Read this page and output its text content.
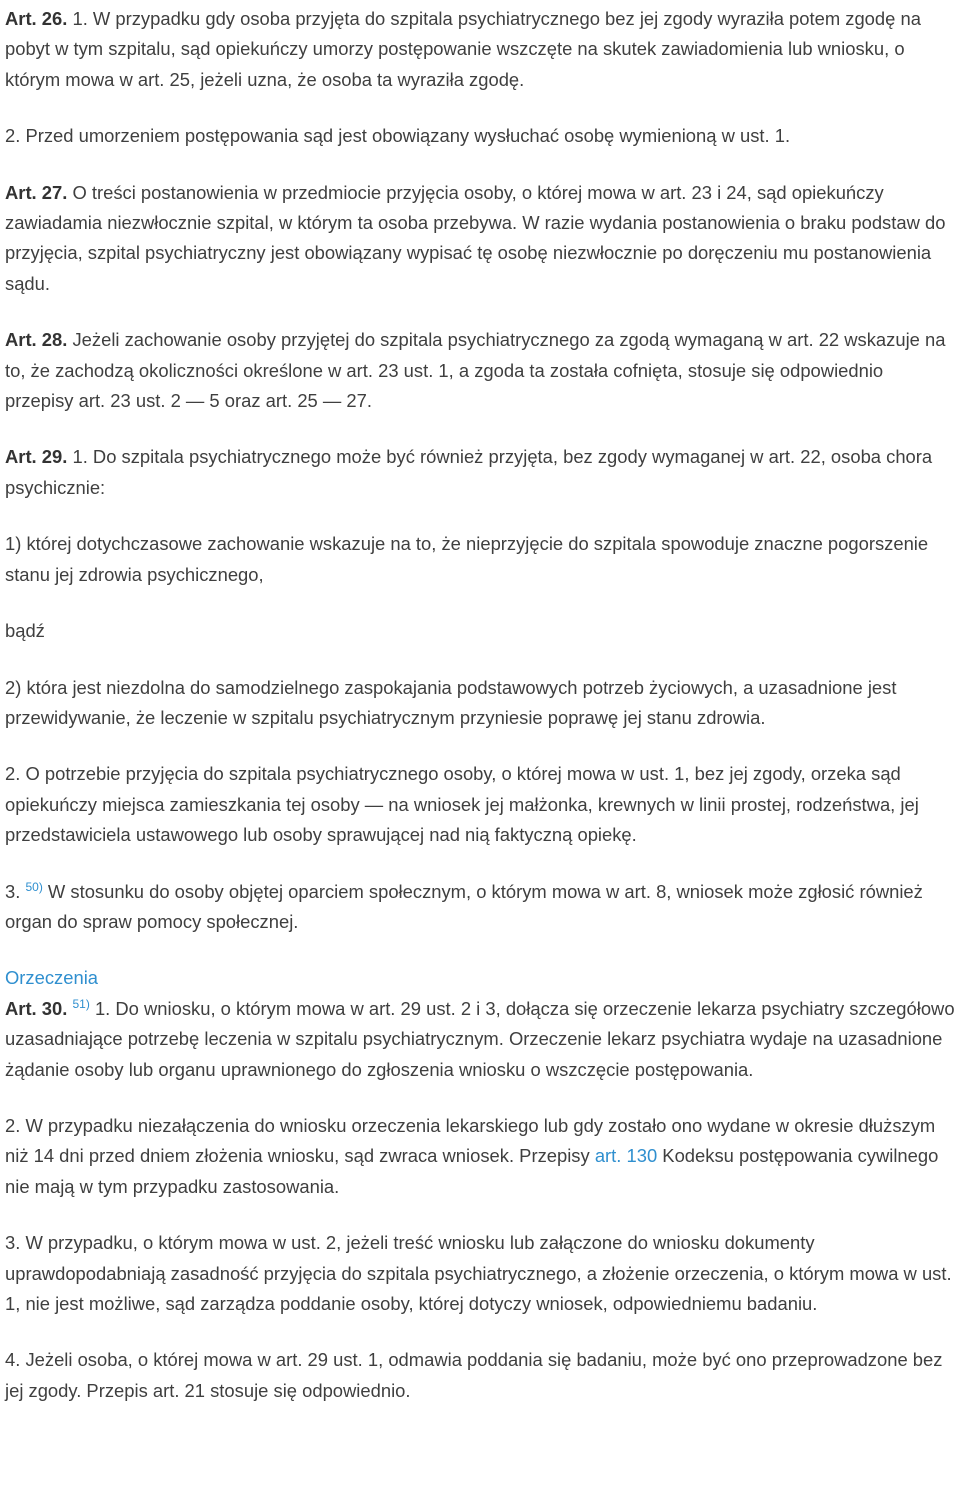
Art. 26. 1. W przypadku gdy osoba przyjęta do szpitala psychiatrycznego bez jej zgody wyraziła potem zgodę na pobyt w tym szpitalu, sąd opiekuńczy umorzy postępowanie wszczęte na skutek zawiadomienia lub wniosku, o którym mowa w art. 25, jeżeli uzna, że osoba ta wyraziła zgodę.

2. Przed umorzeniem postępowania sąd jest obowiązany wysłuchać osobę wymienioną w ust. 1.

Art. 27. O treści postanowienia w przedmiocie przyjęcia osoby, o której mowa w art. 23 i 24, sąd opiekuńczy zawiadamia niezwłocznie szpital, w którym ta osoba przebywa. W razie wydania postanowienia o braku podstaw do przyjęcia, szpital psychiatryczny jest obowiązany wypisać tę osobę niezwłocznie po doręczeniu mu postanowienia sądu.

Art. 28. Jeżeli zachowanie osoby przyjętej do szpitala psychiatrycznego za zgodą wymaganą w art. 22 wskazuje na to, że zachodzą okoliczności określone w art. 23 ust. 1, a zgoda ta została cofnięta, stosuje się odpowiednio przepisy art. 23 ust. 2 — 5 oraz art. 25 — 27.

Art. 29. 1. Do szpitala psychiatrycznego może być również przyjęta, bez zgody wymaganej w art. 22, osoba chora psychicznie:

1) której dotychczasowe zachowanie wskazuje na to, że nieprzyjęcie do szpitala spowoduje znaczne pogorszenie stanu jej zdrowia psychicznego,

bądź

2) która jest niezdolna do samodzielnego zaspokajania podstawowych potrzeb życiowych, a uzasadnione jest przewidywanie, że leczenie w szpitalu psychiatrycznym przyniesie poprawę jej stanu zdrowia.

2. O potrzebie przyjęcia do szpitala psychiatrycznego osoby, o której mowa w ust. 1, bez jej zgody, orzeka sąd opiekuńczy miejsca zamieszkania tej osoby — na wniosek jej małżonka, krewnych w linii prostej, rodzeństwa, jej przedstawiciela ustawowego lub osoby sprawującej nad nią faktyczną opiekę.

3. $^{50)}$ W stosunku do osoby objętej oparciem społecznym, o którym mowa w art. 8, wniosek może zgłosić również organ do spraw pomocy społecznej.

Orzeczenia

Art. 30. $^{51)}$ 1. Do wniosku, o którym mowa w art. 29 ust. 2 i 3, dołącza się orzeczenie lekarza psychiatry szczegółowo uzasadniające potrzebę leczenia w szpitalu psychiatrycznym. Orzeczenie lekarz psychiatra wydaje na uzasadnione żądanie osoby lub organu uprawnionego do zgłoszenia wniosku o wszczęcie postępowania.

2. W przypadku niezałączenia do wniosku orzeczenia lekarskiego lub gdy zostało ono wydane w okresie dłuższym niż 14 dni przed dniem złożenia wniosku, sąd zwraca wniosek. Przepisy art. 130 Kodeksu postępowania cywilnego nie mają w tym przypadku zastosowania.

3. W przypadku, o którym mowa w ust. 2, jeżeli treść wniosku lub załączone do wniosku dokumenty uprawdopodabniają zasadność przyjęcia do szpitala psychiatrycznego, a złożenie orzeczenia, o którym mowa w ust. 1, nie jest możliwe, sąd zarządza poddanie osoby, której dotyczy wniosek, odpowiedniemu badaniu.

4. Jeżeli osoba, o której mowa w art. 29 ust. 1, odmawia poddania się badaniu, może być ono przeprowadzone bez jej zgody. Przepis art. 21 stosuje się odpowiednio.
